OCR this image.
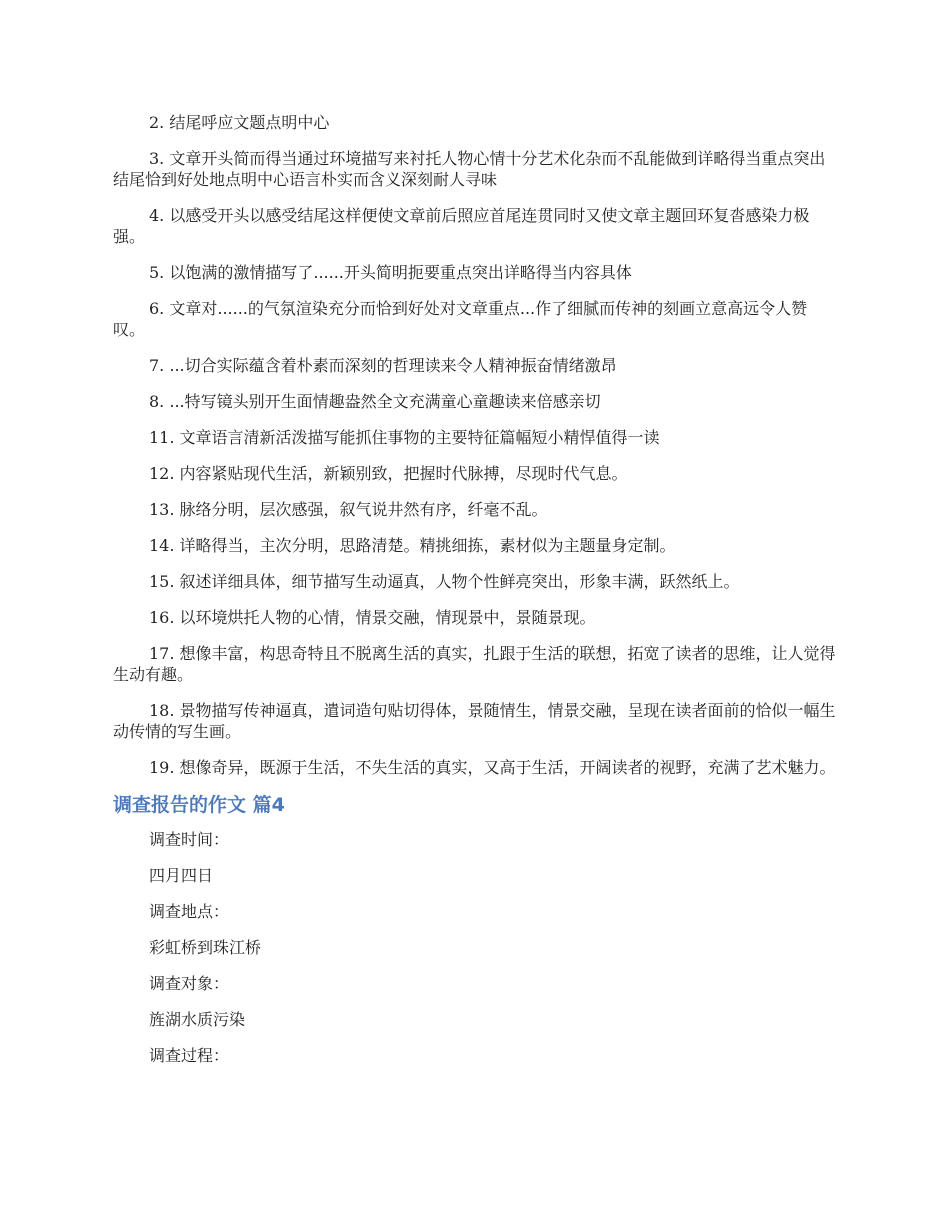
2. 结尾呼应文题点明中心

3. 文章开头简而得当通过环境描写来衬托人物心情十分艺术化杂而不乱能做到详略得当重点突出结尾恰到好处地点明中心语言朴实而含义深刻耐人寻味

4. 以感受开头以感受结尾这样便使文章前后照应首尾连贯同时又使文章主题回环复沓感染力极强。

5. 以饱满的激情描写了......开头简明扼要重点突出详略得当内容具体

6. 文章对......的气氛渲染充分而恰到好处对文章重点...作了细腻而传神的刻画立意高远令人赞叹。

7. ...切合实际蕴含着朴素而深刻的哲理读来令人精神振奋情绪激昂

8. ...特写镜头别开生面情趣盎然全文充满童心童趣读来倍感亲切

11. 文章语言清新活泼描写能抓住事物的主要特征篇幅短小精悍值得一读

12. 内容紧贴现代生活，新颖别致，把握时代脉搏，尽现时代气息。

13. 脉络分明，层次感强，叙气说井然有序，纤毫不乱。

14. 详略得当，主次分明，思路清楚。精挑细拣，素材似为主题量身定制。

15. 叙述详细具体，细节描写生动逼真，人物个性鲜亮突出，形象丰满，跃然纸上。

16. 以环境烘托人物的心情，情景交融，情现景中，景随景现。

17. 想像丰富，构思奇特且不脱离生活的真实，扎跟于生活的联想，拓宽了读者的思维，让人觉得生动有趣。

18. 景物描写传神逼真，遣词造句贴切得体，景随情生，情景交融，呈现在读者面前的恰似一幅生动传情的写生画。

19. 想像奇异，既源于生活，不失生活的真实，又高于生活，开阔读者的视野，充满了艺术魅力。

调查报告的作文 篇4

调查时间：

四月四日

调查地点：

彩虹桥到珠江桥

调查对象：

旌湖水质污染

调查过程：
